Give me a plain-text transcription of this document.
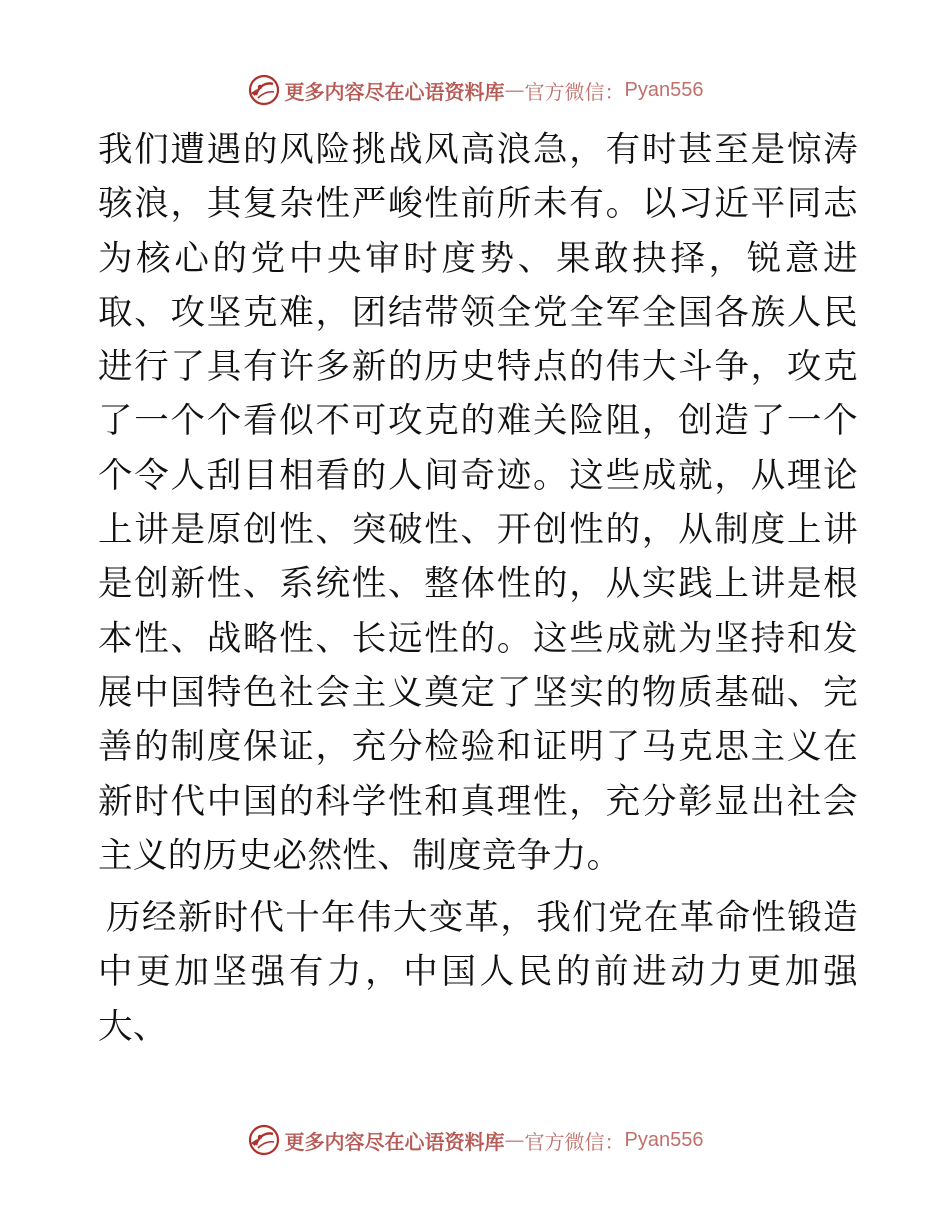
更多内容尽在心语资料库 — 官方微信： Pyan556

我们遭遇的风险挑战风高浪急，有时甚至是惊涛骇浪，其复杂性严峻性前所未有。以习近平同志为核心的党中央审时度势、果敢抉择，锐意进取、攻坚克难，团结带领全党全军全国各族人民进行了具有许多新的历史特点的伟大斗争，攻克了一个个看似不可攻克的难关险阻，创造了一个个令人刮目相看的人间奇迹。这些成就，从理论上讲是原创性、突破性、开创性的，从制度上讲是创新性、系统性、整体性的，从实践上讲是根本性、战略性、长远性的。这些成就为坚持和发展中国特色社会主义奠定了坚实的物质基础、完善的制度保证，充分检验和证明了马克思主义在新时代中国的科学性和真理性，充分彰显出社会主义的历史必然性、制度竞争力。

历经新时代十年伟大变革，我们党在革命性锻造中更加坚强有力，中国人民的前进动力更加强大、

更多内容尽在心语资料库 — 官方微信： Pyan556
